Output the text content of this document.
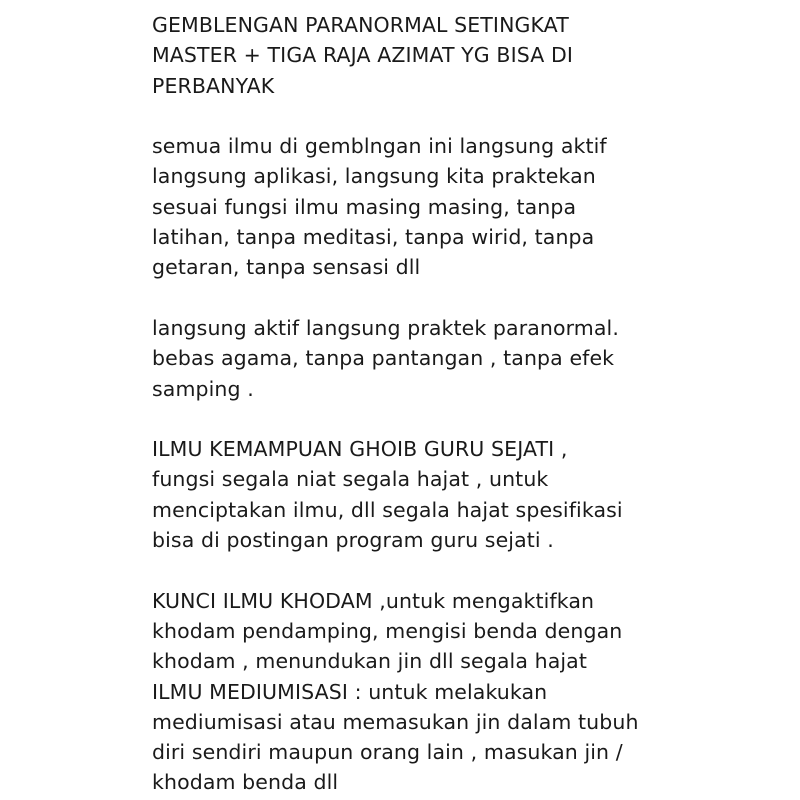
GEMBLENGAN PARANORMAL SETINGKAT
MASTER + TIGA RAJA AZIMAT YG BISA DI
PERBANYAK
semua ilmu di gemblngan ini langsung aktif
langsung aplikasi, langsung kita praktekan
sesuai fungsi ilmu masing masing, tanpa
latihan, tanpa meditasi, tanpa wirid, tanpa
getaran, tanpa sensasi dll
langsung aktif langsung praktek paranormal.
bebas agama, tanpa pantangan , tanpa efek
samping .
ILMU KEMAMPUAN GHOIB GURU SEJATI ,
fungsi segala niat segala hajat , untuk
menciptakan ilmu, dll segala hajat spesifikasi
bisa di postingan program guru sejati .
KUNCI ILMU KHODAM ,untuk mengaktifkan
khodam pendamping, mengisi benda dengan
khodam , menundukan jin dll segala hajat
ILMU MEDIUMISASI : untuk melakukan
mediumisasi atau memasukan jin dalam tubuh
diri sendiri maupun orang lain , masukan jin /
khodam benda dll
